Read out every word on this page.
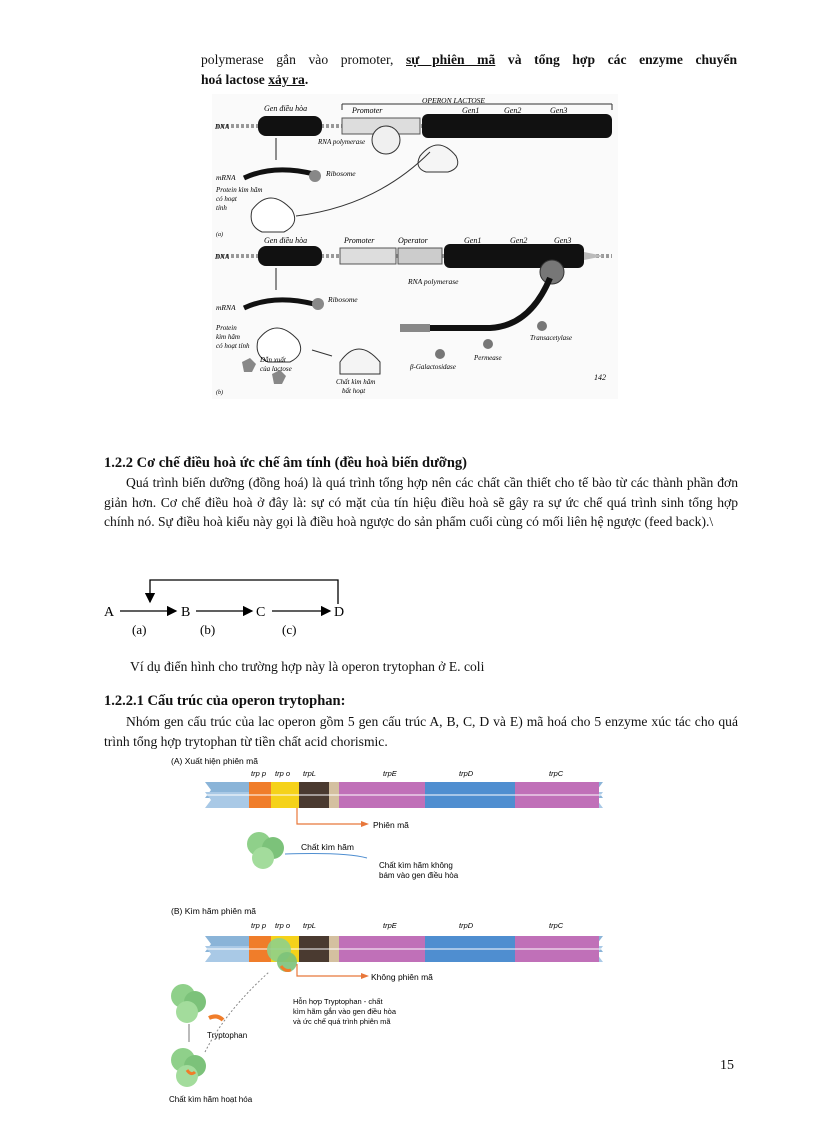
polymerase gắn vào promoter, sự phiên mã và tổng hợp các enzyme chuyển
hoá lactose xảy ra.
DNA
Gen điều hòa
OPERON LACTOSE
Promoter	Gen1	Gen2	Gen3
RNA polymerase
mRNA	Ribosome
Protein kìm hãm
có hoạt
tính
(a)
DNA
Gen điều hòa	Promoter	Operator	Gen1	Gen2	Gen3
RNA polymerase
mRNA
Ribosome
Protein
kìm hãm
có hoạt tính
Dẫn xuất
của lactose
Chất kìm hãm
bất hoạt
β-Galactosidase
Permease
Transacetylase
(b)
142
1.2.2 Cơ chế điều hoà ức chế âm tính (đều hoà biến dưỡng)
Quá trình biến dưỡng (đồng hoá) là quá trình tổng hợp nên các chất cần thiết cho tế bào từ các thành phần đơn giản hơn. Cơ chế điều hoà ở đây là: sự có mặt của tín hiệu điều hoà sẽ gây ra sự ức chế quá trình sinh tổng hợp chính nó. Sự điều hoà kiểu này gọi là điều hoà ngược do sản phẩm cuối cùng có mối liên hệ ngược (feed back).\
A	B	C	D
(a)	(b)	(c)
Ví dụ điển hình cho trường hợp này là operon trytophan ở E. coli
1.2.2.1 Cấu trúc của operon trytophan:
Nhóm gen cấu trúc của lac operon gồm 5 gen cấu trúc A, B, C, D và E) mã hoá cho 5 enzyme xúc tác cho quá trình tổng hợp trytophan từ tiền chất acid chorismic.
(A) Xuất hiện phiên mã
trp p trp o trpL	trpE	trpD	trpC
Phiên mã
Chất kìm hãm
Chất kìm hãm không
bám vào gen điều hòa
(B) Kìm hãm phiên mã
trp p trp o trpL	trpE	trpD	trpC
Không phiên mã
Tryptophan
Hỗn hợp Tryptophan - chất
kìm hãm gắn vào gen điều hòa
và ức chế quá trình phiên mã
Chất kìm hãm hoạt hóa
15
